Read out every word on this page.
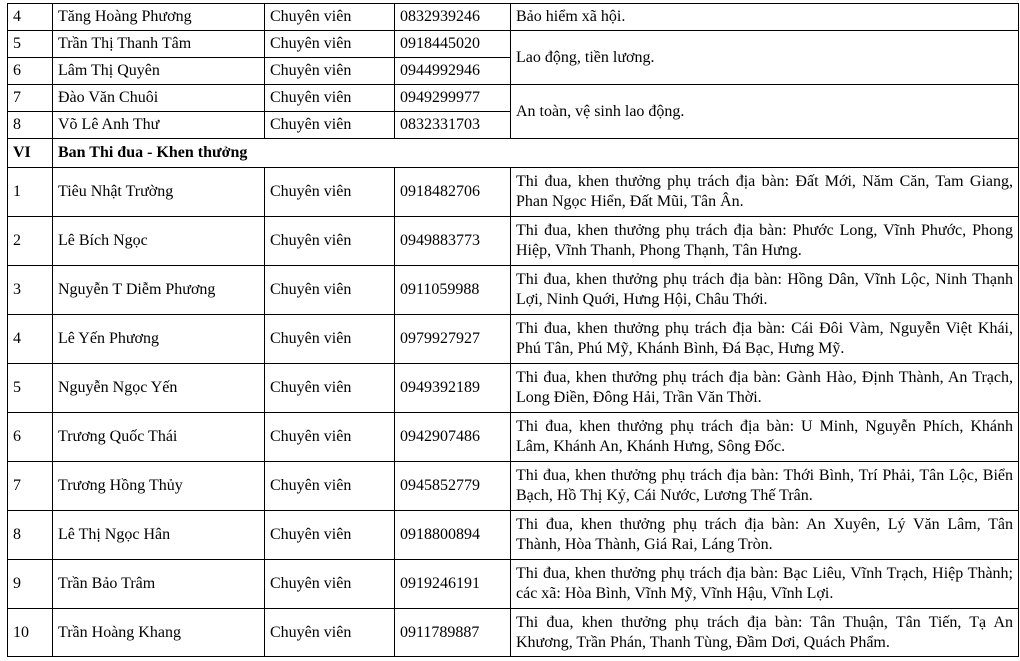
4	Tăng Hoàng Phương	Chuyên viên	0832939246	Bảo hiểm xã hội.
5	Trần Thị Thanh Tâm	Chuyên viên	0918445020	Lao động, tiền lương.
6	Lâm Thị Quyên	Chuyên viên	0944992946	
7	Đào Văn Chuôi	Chuyên viên	0949299977	An toàn, vệ sinh lao động.
8	Võ Lê Anh Thư	Chuyên viên	0832331703	
VI	Ban Thi đua - Khen thưởng			
1	Tiêu Nhật Trường	Chuyên viên	0918482706	Thi đua, khen thưởng phụ trách địa bàn: Đất Mới, Năm Căn, Tam Giang, Phan Ngọc Hiển, Đất Mũi, Tân Ân.
2	Lê Bích Ngọc	Chuyên viên	0949883773	Thi đua, khen thưởng phụ trách địa bàn: Phước Long, Vĩnh Phước, Phong Hiệp, Vĩnh Thanh, Phong Thạnh, Tân Hưng.
3	Nguyễn T Diễm Phương	Chuyên viên	0911059988	Thi đua, khen thưởng phụ trách địa bàn: Hồng Dân, Vĩnh Lộc, Ninh Thạnh Lợi, Ninh Quới, Hưng Hội, Châu Thới.
4	Lê Yến Phương	Chuyên viên	0979927927	Thi đua, khen thưởng phụ trách địa bàn: Cái Đôi Vàm, Nguyễn Việt Khái, Phú Tân, Phú Mỹ, Khánh Bình, Đá Bạc, Hưng Mỹ.
5	Nguyễn Ngọc Yến	Chuyên viên	0949392189	Thi đua, khen thưởng phụ trách địa bàn: Gành Hào, Định Thành, An Trạch, Long Điền, Đông Hải, Trần Văn Thời.
6	Trương Quốc Thái	Chuyên viên	0942907486	Thi đua, khen thưởng phụ trách địa bàn: U Minh, Nguyễn Phích, Khánh Lâm, Khánh An, Khánh Hưng, Sông Đốc.
7	Trương Hồng Thủy	Chuyên viên	0945852779	Thi đua, khen thưởng phụ trách địa bàn: Thới Bình, Trí Phải, Tân Lộc, Biển Bạch, Hồ Thị Kỷ, Cái Nước, Lương Thế Trân.
8	Lê Thị Ngọc Hân	Chuyên viên	0918800894	Thi đua, khen thưởng phụ trách địa bàn: An Xuyên, Lý Văn Lâm, Tân Thành, Hòa Thành, Giá Rai, Láng Tròn.
9	Trần Bảo Trâm	Chuyên viên	0919246191	Thi đua, khen thưởng phụ trách địa bàn: Bạc Liêu, Vĩnh Trạch, Hiệp Thành; các xã: Hòa Bình, Vĩnh Mỹ, Vĩnh Hậu, Vĩnh Lợi.
10	Trần Hoàng Khang	Chuyên viên	0911789887	Thi đua, khen thưởng phụ trách địa bàn: Tân Thuận, Tân Tiến, Tạ An Khương, Trần Phán, Thanh Tùng, Đầm Dơi, Quách Phẩm.
